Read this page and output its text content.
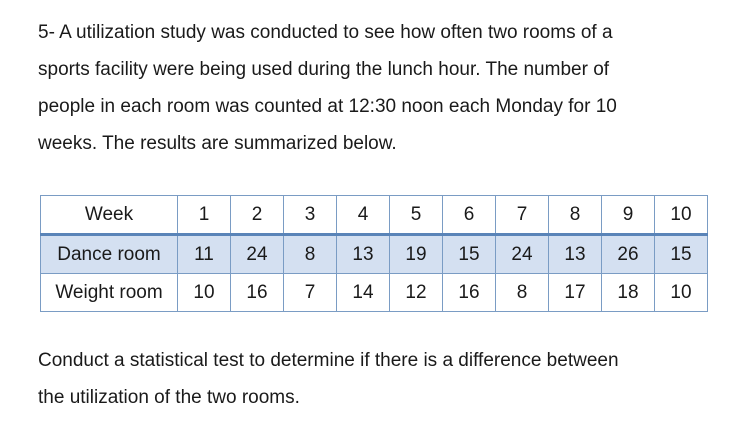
5- A utilization study was conducted to see how often two rooms of a
sports facility were being used during the lunch hour. The number of
people in each room was counted at 12:30 noon each Monday for 10
weeks. The results are summarized below.

Week	1	2	3	4	5	6	7	8	9	10
Dance room	11	24	8	13	19	15	24	13	26	15
Weight room	10	16	7	14	12	16	8	17	18	10

Conduct a statistical test to determine if there is a difference between
the utilization of the two rooms.
